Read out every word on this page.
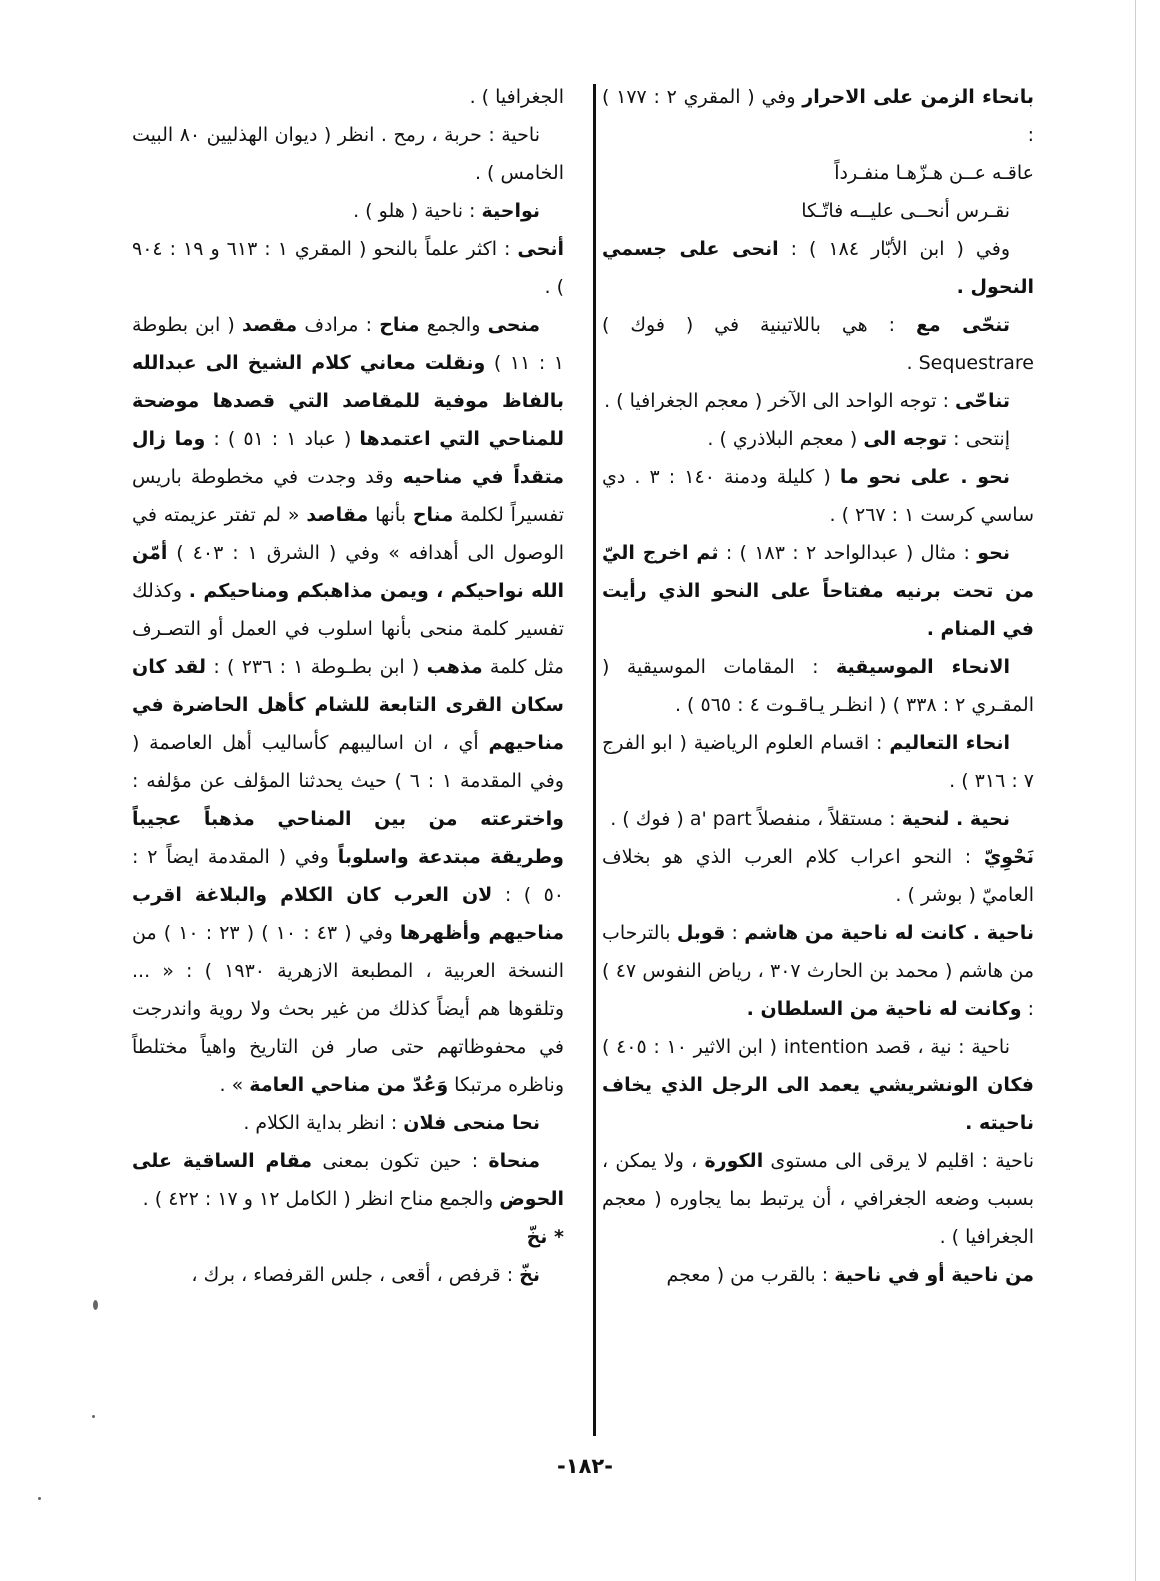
بانحاء الزمن على الاحرار وفي ( المقري ٢ : ١٧٧ ) :

عاقـه عــن هـزّهـا منفـرداً

نقـرس أنحــى عليــه فاتّـكا

وفي ( ابن الأبّار ١٨٤ ) : انحى على جسمي النحول .

تنحّى مع : هي باللاتينية في ( فوك ) Sequestrare .

تناحّى : توجه الواحد الى الآخر ( معجم الجغرافيا ) .

إنتحى : توجه الى ( معجم البلاذري ) .

نحو . على نحو ما ( كليلة ودمنة ١٤٠ : ٣ . دي ساسي كرست ١ : ٢٦٧ ) .

نحو : مثال ( عبدالواحد ٢ : ١٨٣ ) : ثم اخرج اليّ من تحت برنيه مفتاحاً على النحو الذي رأيت في المنام .

الانحاء الموسيقية : المقامات الموسيقية ( المقـري ٢ : ٣٣٨ ) ( انظـر يـاقـوت ٤ : ٥٦٥ ) .

انحاء التعاليم : اقسام العلوم الرياضية ( ابو الفرج ٧ : ٣١٦ ) .

نحية . لنحية : مستقلاً ، منفصلاً a' part ( فوك ) .

نَحْوِيّ : النحو اعراب كلام العرب الذي هو بخلاف العاميّ ( بوشر ) .

ناحية . كانت له ناحية من هاشم : قوبل بالترحاب من هاشم ( محمد بن الحارث ٣٠٧ ، رياض النفوس ٤٧ ) : وكانت له ناحية من السلطان .

ناحية : نية ، قصد intention ( ابن الاثير ١٠ : ٤٠٥ ) فكان الونشريشي يعمد الى الرجل الذي يخاف ناحيته .

ناحية : اقليم لا يرقى الى مستوى الكورة ، ولا يمكن ، بسبب وضعه الجغرافي ، أن يرتبط بما يجاوره ( معجم الجغرافيا ) .

من ناحية أو في ناحية : بالقرب من ( معجم

الجغرافيا ) .

ناحية : حربة ، رمح . انظر ( ديوان الهذليين ٨٠ البيت الخامس ) .

نواحية : ناحية ( هلو ) .

أنحى : اكثر علماً بالنحو ( المقري ١ : ٦١٣ و ١٩ : ٩٠٤ ) .

منحى والجمع مناح : مرادف مقصد ( ابن بطوطة ١ : ١١ ) ونقلت معاني كلام الشيخ الى عبدالله بالفاظ موفية للمقاصد التي قصدها موضحة للمناحي التي اعتمدها ( عباد ١ : ٥١ ) : وما زال متقداً في مناحيه وقد وجدت في مخطوطة باريس تفسيراً لكلمة مناح بأنها مقاصد « لم تفتر عزيمته في الوصول الى أهدافه » وفي ( الشرق ١ : ٤٠٣ ) أمّن الله نواحيكم ، ويمن مذاهبكم ومناحيكم . وكذلك تفسير كلمة منحى بأنها اسلوب في العمل أو التصـرف مثل كلمة مذهب ( ابن بطـوطة ١ : ٢٣٦ ) : لقد كان سكان القرى التابعة للشام كأهل الحاضرة في مناحيهم أي ، ان اساليبهم كأساليب أهل العاصمة ( وفي المقدمة ١ : ٦ ) حيث يحدثنا المؤلف عن مؤلفه : واخترعته من بين المناحي مذهباً عجيباً وطريقة مبتدعة واسلوباً وفي ( المقدمة ايضاً ٢ : ٥٠ ) : لان العرب كان الكلام والبلاغة اقرب مناحيهم وأظهرها وفي ( ٤٣ : ١٠ ) ( ٢٣ : ١٠ ) من النسخة العربية ، المطبعة الازهرية ١٩٣٠ ) : « ... وتلقوها هم أيضاً كذلك من غير بحث ولا روية واندرجت في محفوظاتهم حتى صار فن التاريخ واهياً مختلطاً وناظره مرتبكا وَعُدّ من مناحي العامة » .

نحا منحى فلان : انظر بداية الكلام .

منحاة : حين تكون بمعنى مقام الساقية على الحوض والجمع مناح انظر ( الكامل ١٢ و ١٧ : ٤٢٢ ) .

* نخّ

نخّ : قرفص ، أقعى ، جلس القرفصاء ، برك ،

-١٨٢-
